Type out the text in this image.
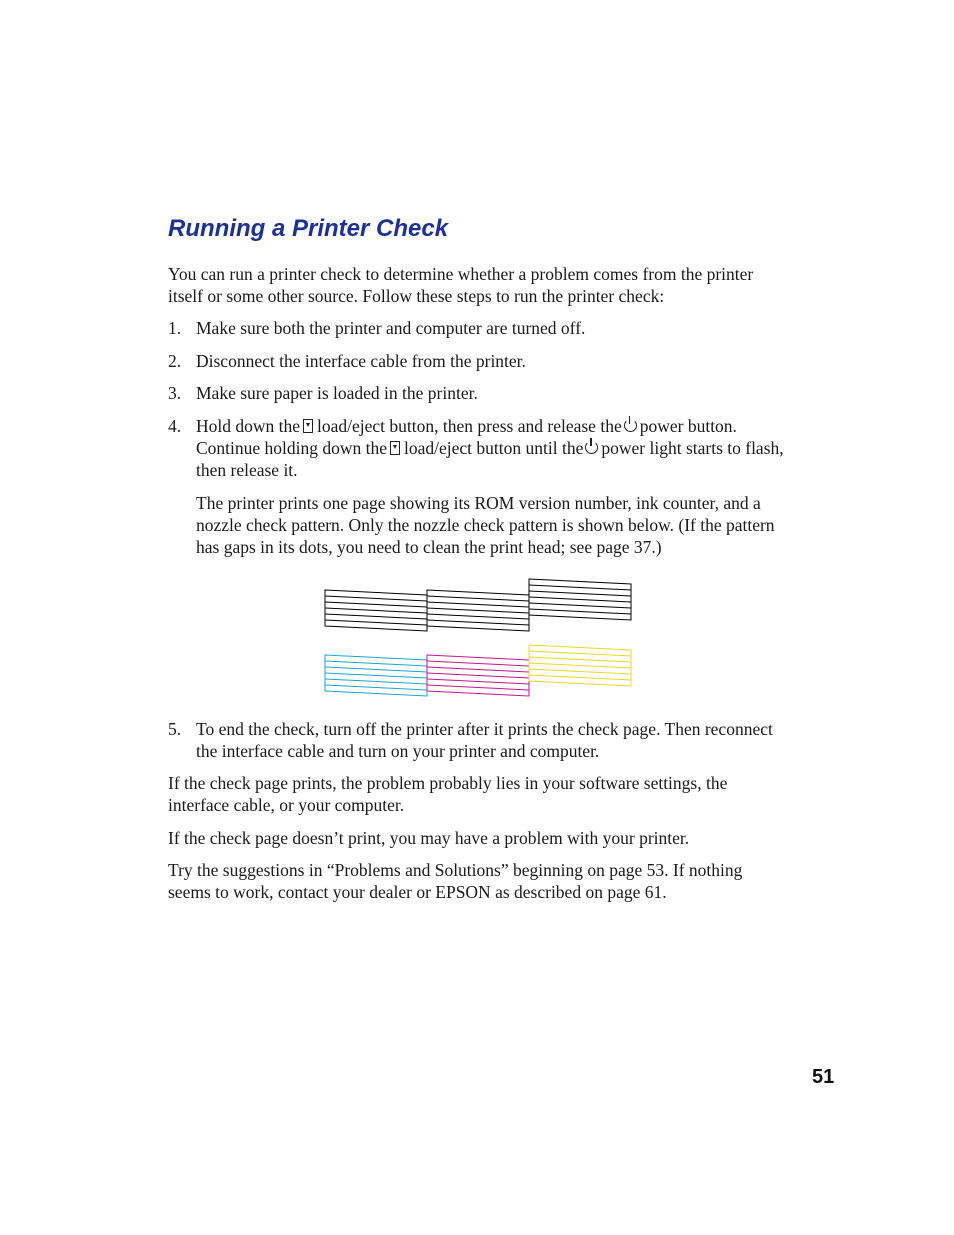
Running a Printer Check

You can run a printer check to determine whether a problem comes from the printer itself or some other source. Follow these steps to run the printer check:

1. Make sure both the printer and computer are turned off.
2. Disconnect the interface cable from the printer.
3. Make sure paper is loaded in the printer.
4. Hold down the load/eject button, then press and release the power button. Continue holding down the load/eject button until the power light starts to flash, then release it.

The printer prints one page showing its ROM version number, ink counter, and a nozzle check pattern. Only the nozzle check pattern is shown below. (If the pattern has gaps in its dots, you need to clean the print head; see page 37.)

5. To end the check, turn off the printer after it prints the check page. Then reconnect the interface cable and turn on your printer and computer.

If the check page prints, the problem probably lies in your software settings, the interface cable, or your computer.

If the check page doesn’t print, you may have a problem with your printer.

Try the suggestions in “Problems and Solutions” beginning on page 53. If nothing seems to work, contact your dealer or EPSON as described on page 61.

51
